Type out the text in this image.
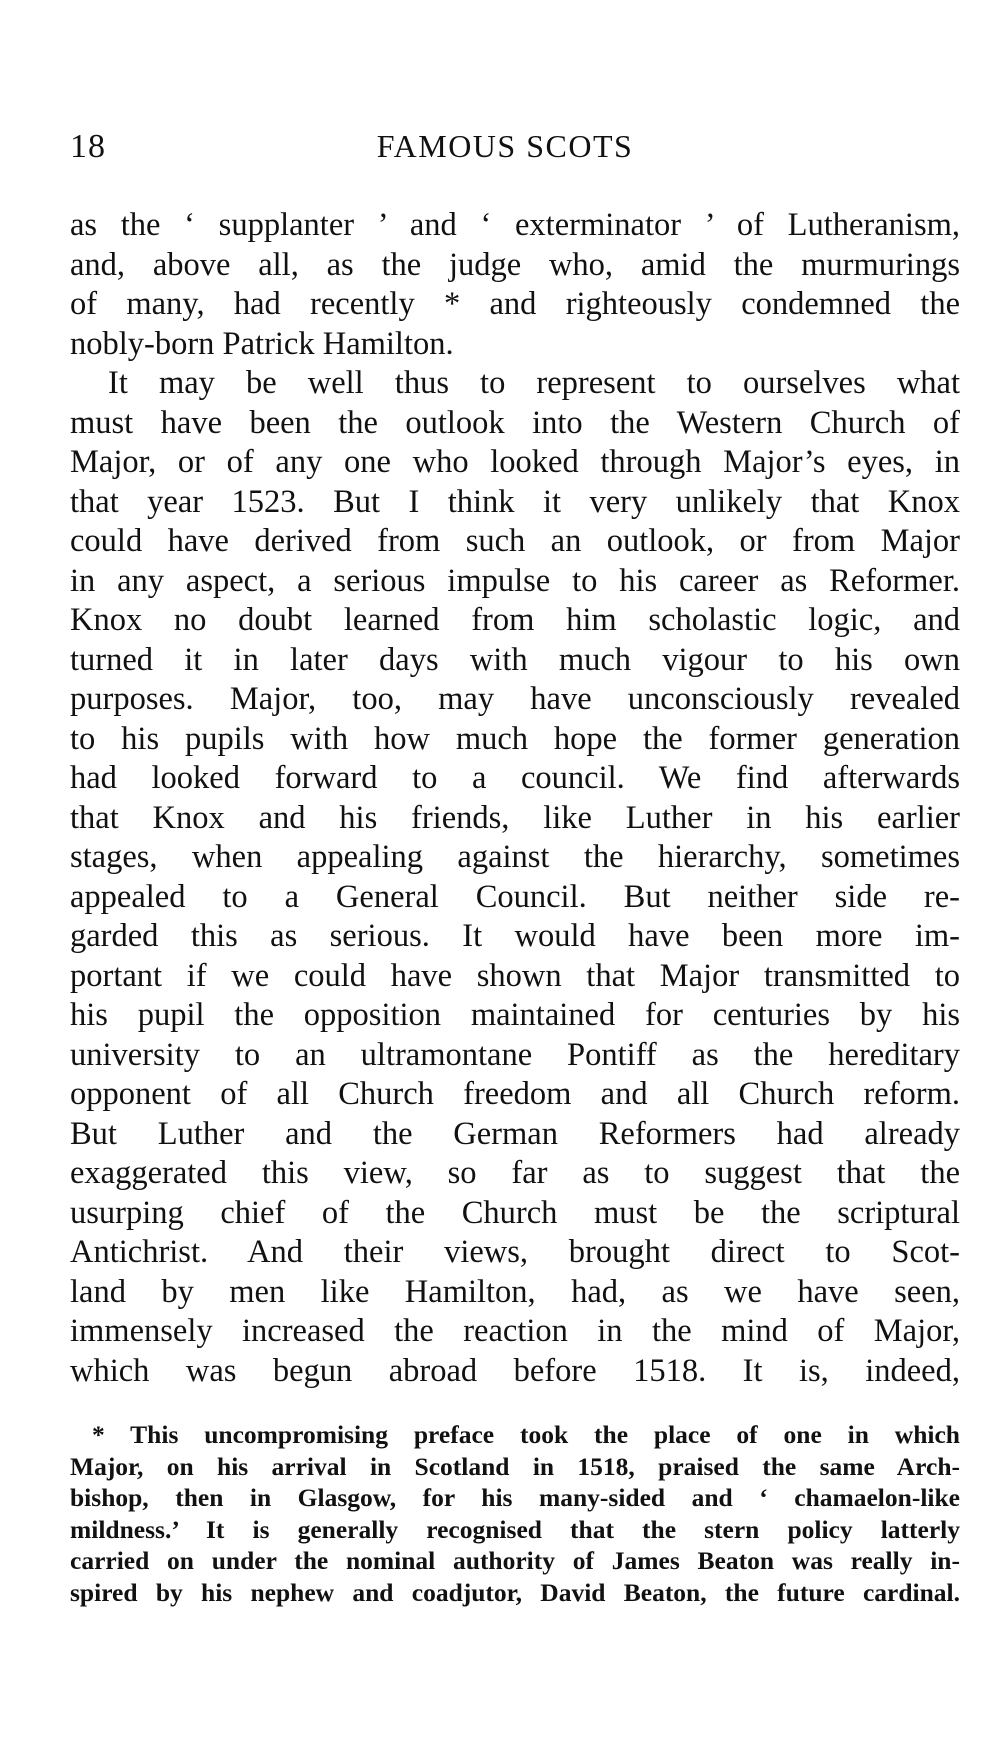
18	FAMOUS SCOTS
as the ‘ supplanter ’ and ‘ exterminator ’ of Lutheranism,
and, above all, as the judge who, amid the murmurings
of many, had recently * and righteously condemned the
nobly-born Patrick Hamilton.
It may be well thus to represent to ourselves what
must have been the outlook into the Western Church of
Major, or of any one who looked through Major’s eyes, in
that year 1523. But I think it very unlikely that Knox
could have derived from such an outlook, or from Major
in any aspect, a serious impulse to his career as Reformer.
Knox no doubt learned from him scholastic logic, and
turned it in later days with much vigour to his own
purposes. Major, too, may have unconsciously revealed
to his pupils with how much hope the former generation
had looked forward to a council. We find afterwards
that Knox and his friends, like Luther in his earlier
stages, when appealing against the hierarchy, sometimes
appealed to a General Council. But neither side re-
garded this as serious. It would have been more im-
portant if we could have shown that Major transmitted to
his pupil the opposition maintained for centuries by his
university to an ultramontane Pontiff as the hereditary
opponent of all Church freedom and all Church reform.
But Luther and the German Reformers had already
exaggerated this view, so far as to suggest that the
usurping chief of the Church must be the scriptural
Antichrist. And their views, brought direct to Scot-
land by men like Hamilton, had, as we have seen,
immensely increased the reaction in the mind of Major,
which was begun abroad before 1518. It is, indeed,
* This uncompromising preface took the place of one in which
Major, on his arrival in Scotland in 1518, praised the same Arch-
bishop, then in Glasgow, for his many-sided and ‘ chamaelon-like
mildness.’ It is generally recognised that the stern policy latterly
carried on under the nominal authority of James Beaton was really in-
spired by his nephew and coadjutor, David Beaton, the future cardinal.
